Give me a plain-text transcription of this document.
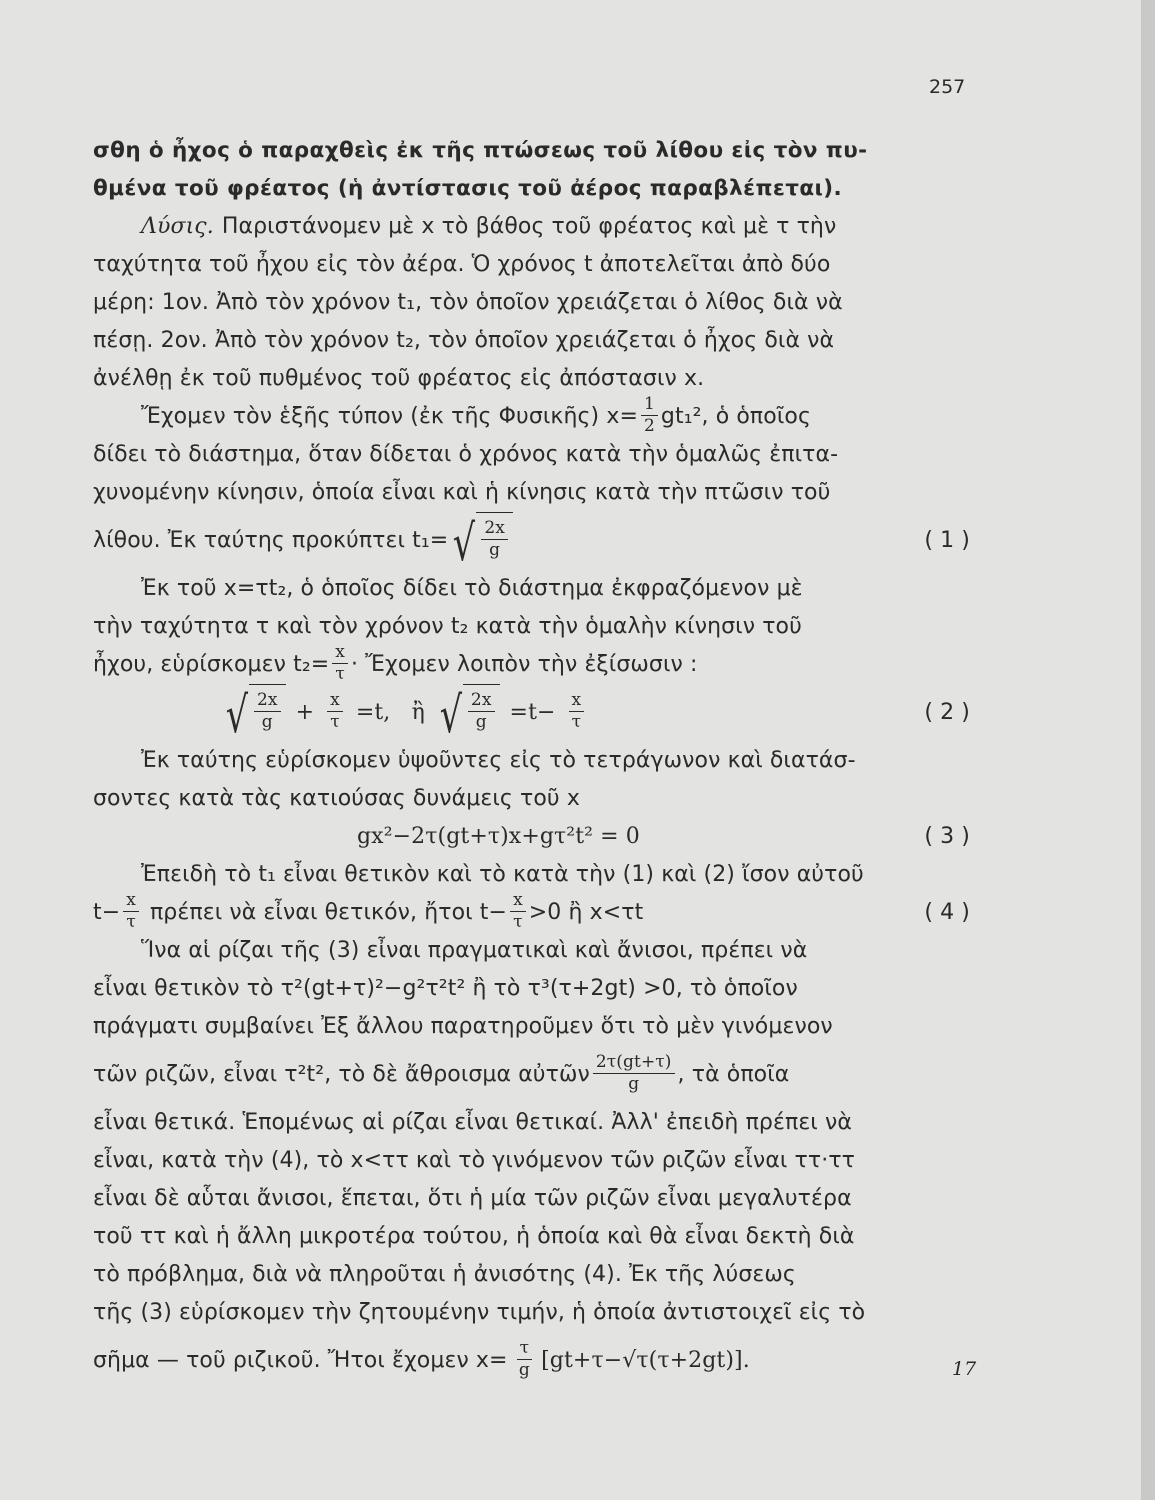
257
σθη ὁ ἦχος ὁ παραχθεὶς ἐκ τῆς πτώσεως τοῦ λίθου εἰς τὸν πυ-
θμένα τοῦ φρέατος (ἡ ἀντίστασις τοῦ ἀέρος παραβλέπεται).
Λύσις. Παριστάνομεν μὲ x τὸ βάθος τοῦ φρέατος καὶ μὲ τ τὴν
ταχύτητα τοῦ ἦχου εἰς τὸν ἀέρα. Ὁ χρόνος t ἀποτελεῖται ἀπὸ δύο
μέρη: 1ον. Ἀπὸ τὸν χρόνον t₁, τὸν ὁποῖον χρειάζεται ὁ λίθος διὰ νὰ
πέσῃ. 2ον. Ἀπὸ τὸν χρόνον t₂, τὸν ὁποῖον χρειάζεται ὁ ἦχος διὰ νὰ
ἀνέλθῃ ἐκ τοῦ πυθμένος τοῦ φρέατος εἰς ἀπόστασιν x.
Ἔχομεν τὸν ἑξῆς τύπον (ἐκ τῆς Φυσικῆς) $x= \frac{1}{2} gt_1^2$, ὁ ὁποῖος
δίδει τὸ διάστημα, ὅταν δίδεται ὁ χρόνος κατὰ τὴν ὁμαλῶς ἐπιτα-
χυνομένην κίνησιν, ὁποία εἶναι καὶ ἡ κίνησις κατὰ τὴν πτῶσιν τοῦ
λίθου. Ἐκ ταύτης προκύπτει t₁= √ $\frac{2x}{g}$	( 1 )
Ἐκ τοῦ x=τt₂, ὁ ὁποῖος δίδει τὸ διάστημα ἐκφραζόμενον μὲ
τὴν ταχύτητα τ καὶ τὸν χρόνον t₂ κατὰ τὴν ὁμαλὴν κίνησιν τοῦ
ἦχου, εὑρίσκομεν $t_2= \frac{x}{\tau}$ · Ἔχομεν λοιπὸν τὴν ἐξίσωσιν :
√ $\frac{2x}{g} + \frac{x}{\tau} =t$,   ἢ √ $\frac{2x}{g} =t- \frac{x}{\tau}$	( 2 )
Ἐκ ταύτης εὑρίσκομεν ὑψοῦντες εἰς τὸ τετράγωνον καὶ διατάσ-
σοντες κατὰ τὰς κατιούσας δυνάμεις τοῦ x
gx²−2τ(gt+τ)x+gτ²t² = 0	( 3 )
Ἐπειδὴ τὸ t₁ εἶναι θετικὸν καὶ τὸ κατὰ τὴν (1) καὶ (2) ἴσον αὐτοῦ
$t- \frac{x}{\tau}$ πρέπει νὰ εἶναι θετικόν, ἤτοι $t- \frac{x}{\tau} >0$ ἢ x<τt	( 4 )
Ἵνα αἱ ρίζαι τῆς (3) εἶναι πραγματικαὶ καὶ ἄνισοι, πρέπει νὰ
εἶναι θετικὸν τὸ τ²(gt+τ)²−g²τ²t² ἢ τὸ τ³(τ+2gt) >0, τὸ ὁποῖον
πράγματι συμβαίνει Ἐξ ἄλλου παρατηροῦμεν ὅτι τὸ μὲν γινόμενον
τῶν ριζῶν, εἶναι τ²t², τὸ δὲ ἄθροισμα αὐτῶν $\frac{2\tau(gt+\tau)}{g}$ , τὰ ὁποῖα
εἶναι θετικά. Ἑπομένως αἱ ρίζαι εἶναι θετικαί. Ἀλλ' ἐπειδὴ πρέπει νὰ
εἶναι, κατὰ τὴν (4), τὸ x<ττ καὶ τὸ γινόμενον τῶν ριζῶν εἶναι ττ·ττ
εἶναι δὲ αὗται ἄνισοι, ἕπεται, ὅτι ἡ μία τῶν ριζῶν εἶναι μεγαλυτέρα
τοῦ ττ καὶ ἡ ἄλλη μικροτέρα τούτου, ἡ ὁποία καὶ θὰ εἶναι δεκτὴ διὰ
τὸ πρόβλημα, διὰ νὰ πληροῦται ἡ ἀνισότης (4). Ἐκ τῆς λύσεως
τῆς (3) εὑρίσκομεν τὴν ζητουμένην τιμήν, ἡ ὁποία ἀντιστοιχεῖ εἰς τὸ
σῆμα — τοῦ ριζικοῦ. Ἤτοι ἔχομεν $x= \frac{\tau}{g} [gt+\tau-√\tau(\tau+2gt)]$.	17
